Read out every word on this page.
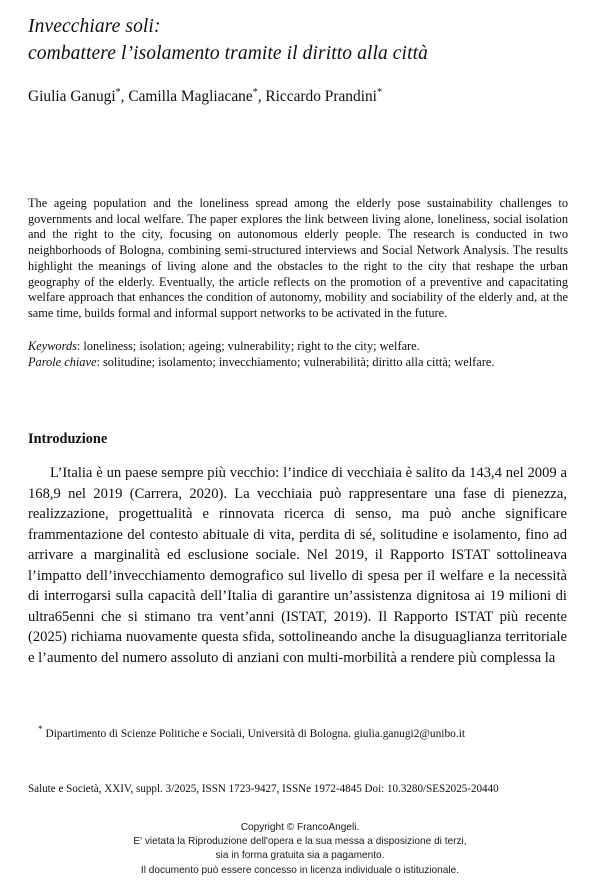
Invecchiare soli:
combattere l’isolamento tramite il diritto alla città
Giulia Ganugi*, Camilla Magliacane*, Riccardo Prandini*
The ageing population and the loneliness spread among the elderly pose sustainability challenges to governments and local welfare. The paper explores the link between living alone, loneliness, social isolation and the right to the city, focusing on autonomous elderly people. The research is conducted in two neighborhoods of Bologna, combining semi-structured interviews and Social Network Analysis. The results highlight the meanings of living alone and the obstacles to the right to the city that reshape the urban geography of the elderly. Eventually, the article reflects on the promotion of a preventive and capacitating welfare approach that enhances the condition of autonomy, mobility and sociability of the elderly and, at the same time, builds formal and informal support networks to be activated in the future.
Keywords: loneliness; isolation; ageing; vulnerability; right to the city; welfare.
Parole chiave: solitudine; isolamento; invecchiamento; vulnerabilità; diritto alla città; welfare.
Introduzione
L’Italia è un paese sempre più vecchio: l’indice di vecchiaia è salito da 143,4 nel 2009 a 168,9 nel 2019 (Carrera, 2020). La vecchiaia può rappresentare una fase di pienezza, realizzazione, progettualità e rinnovata ricerca di senso, ma può anche significare frammentazione del contesto abituale di vita, perdita di sé, solitudine e isolamento, fino ad arrivare a marginalità ed esclusione sociale. Nel 2019, il Rapporto ISTAT sottolineava l’impatto dell’invecchiamento demografico sul livello di spesa per il welfare e la necessità di interrogarsi sulla capacità dell’Italia di garantire un’assistenza dignitosa ai 19 milioni di ultra65enni che si stimano tra vent’anni (ISTAT, 2019). Il Rapporto ISTAT più recente (2025) richiama nuovamente questa sfida, sottolineando anche la disuguaglianza territoriale e l’aumento del numero assoluto di anziani con multi-morbilità a rendere più complessa la
* Dipartimento di Scienze Politiche e Sociali, Università di Bologna. giulia.ganugi2@unibo.it
Salute e Società, XXIV, suppl. 3/2025, ISSN 1723-9427, ISSNe 1972-4845 Doi: 10.3280/SES2025-20440
Copyright © FrancoAngeli.
E' vietata la Riproduzione dell'opera e la sua messa a disposizione di terzi,
sia in forma gratuita sia a pagamento.
Il documento può essere concesso in licenza individuale o istituzionale.
